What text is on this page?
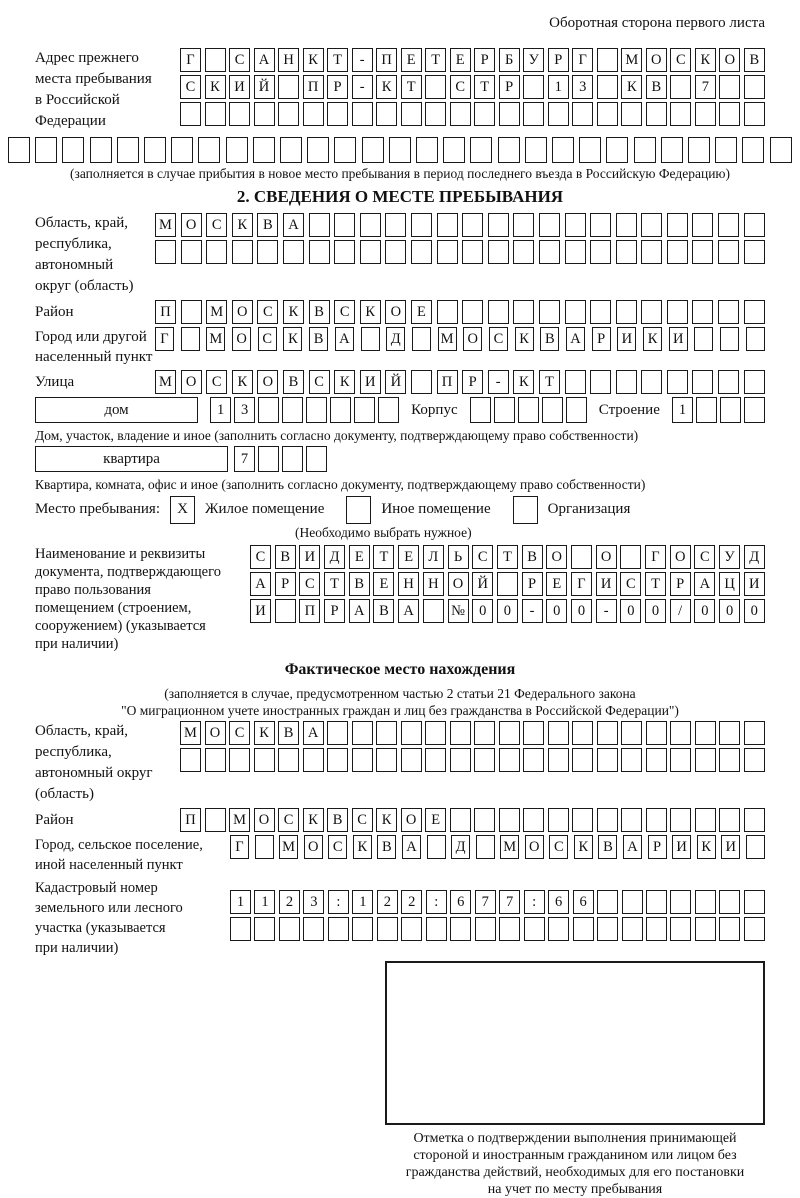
Оборотная сторона первого листа
Адрес прежнего
места пребывания
в Российской
Федерации
Г	С А Н К	Т	-	П	Е	Т	Е	Р	Б	У	Р	Г	М О С	К О В
С	К И Й	П	Р	-	К	Т	С	Т	Р	1	3	К	В	7
(заполняется в случае прибытия в новое место пребывания в период последнего въезда в Российскую Федерацию)
2. СВЕДЕНИЯ О МЕСТЕ ПРЕБЫВАНИЯ
Область, край,
республика,
автономный
округ (область)
М О	С	К	В	А
Район	П	М О	С	К	В	С	К	О	Е
Город или другой
населенный пункт
Г	М О	С	К	В	А	Д	М О	С	К	В	А	Р	И	К	И
Улица	М О	С	К	О	В	С	К	И	Й	П	Р	-	К	Т
дом	1	3	Корпус	Строение	1
Дом, участок, владение и иное (заполнить согласно документу, подтверждающему право собственности)
квартира	7
Квартира, комната, офис и иное (заполнить согласно документу, подтверждающему право собственности)
Место пребывания:	X	Жилое помещение	Иное помещение	Организация
(Необходимо выбрать нужное)
Наименование и реквизиты
документа, подтверждающего
право пользования
помещением (строением,
сооружением) (указывается
при наличии)
С	В	И	Д	Е	Т	Е	Л	Ь	С	Т	В	О	О	Г	О	С	У	Д
А	Р	С	Т	В	Е	Н Н О Й	Р	Е	Г	И	С	Т	Р	А Ц И
И	П	Р	А	В	А	№ 0	0	-	0	0	-	0	0	/	0	0	0
Фактическое место нахождения
(заполняется в случае, предусмотренном частью 2 статьи 21 Федерального закона
"О миграционном учете иностранных граждан и лиц без гражданства в Российской Федерации")
Область, край,
республика,
автономный округ
(область)
М О С	К	В А
Район	П	М О С	К	В	С	К О	Е
Город, сельское поселение,
иной населенный пункт
Г	М О С	К	В А	Д	М О С	К	В А	Р	И К И
Кадастровый номер
земельного или лесного
участка (указывается
при наличии)
1	1	2	3	:	1	2	2	:	6	7	7	:	6	6
Отметка о подтверждении выполнения принимающей
стороной и иностранным гражданином или лицом без
гражданства действий, необходимых для его постановки
на учет по месту пребывания
